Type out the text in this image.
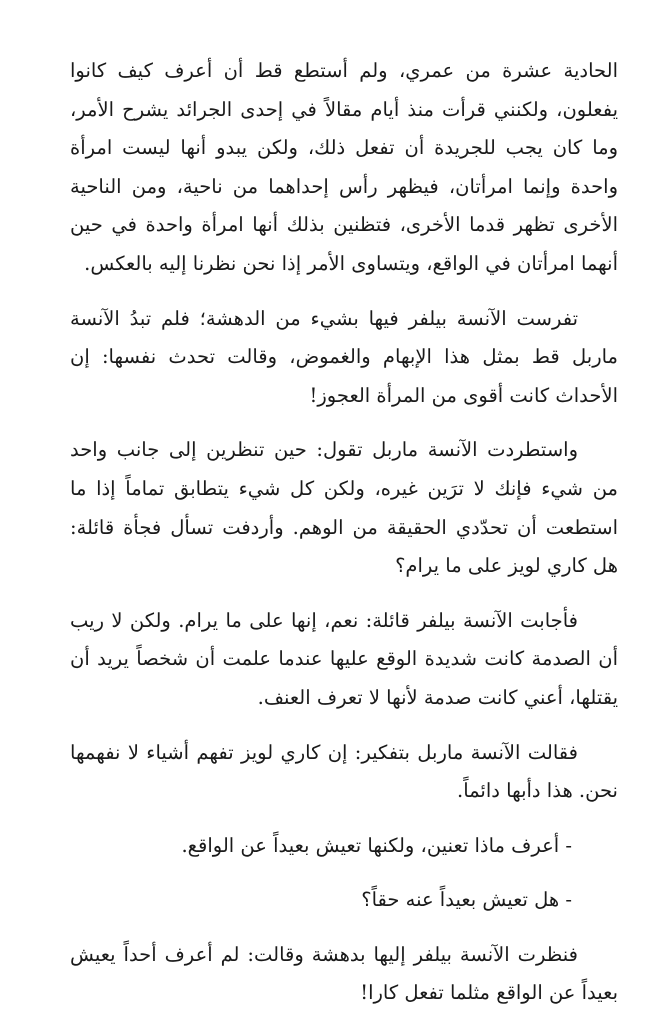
الحادية عشرة من عمري، ولم أستطع قط أن أعرف كيف كانوا يفعلون، ولكنني قرأت منذ أيام مقالاً في إحدى الجرائد يشرح الأمر، وما كان يجب للجريدة أن تفعل ذلك، ولكن يبدو أنها ليست امرأة واحدة وإنما امرأتان، فيظهر رأس إحداهما من ناحية، ومن الناحية الأخرى تظهر قدما الأخرى، فتظنين بذلك أنها امرأة واحدة في حين أنهما امرأتان في الواقع، ويتساوى الأمر إذا نحن نظرنا إليه بالعكس.

تفرست الآنسة بيلفر فيها بشيء من الدهشة؛ فلم تبدُ الآنسة ماربل قط بمثل هذا الإبهام والغموض، وقالت تحدث نفسها: إن الأحداث كانت أقوى من المرأة العجوز!

واستطردت الآنسة ماربل تقول: حين تنظرين إلى جانب واحد من شيء فإنك لا ترَين غيره، ولكن كل شيء يتطابق تماماً إذا ما استطعت أن تحدّدي الحقيقة من الوهم. وأردفت تسأل فجأة قائلة: هل كاري لويز على ما يرام؟

فأجابت الآنسة بيلفر قائلة: نعم، إنها على ما يرام. ولكن لا ريب أن الصدمة كانت شديدة الوقع عليها عندما علمت أن شخصاً يريد أن يقتلها، أعني كانت صدمة لأنها لا تعرف العنف.

فقالت الآنسة ماربل بتفكير: إن كاري لويز تفهم أشياء لا نفهمها نحن. هذا دأبها دائماً.

- أعرف ماذا تعنين، ولكنها تعيش بعيداً عن الواقع.

- هل تعيش بعيداً عنه حقاً؟

فنظرت الآنسة بيلفر إليها بدهشة وقالت: لم أعرف أحداً يعيش بعيداً عن الواقع مثلما تفعل كارا!
